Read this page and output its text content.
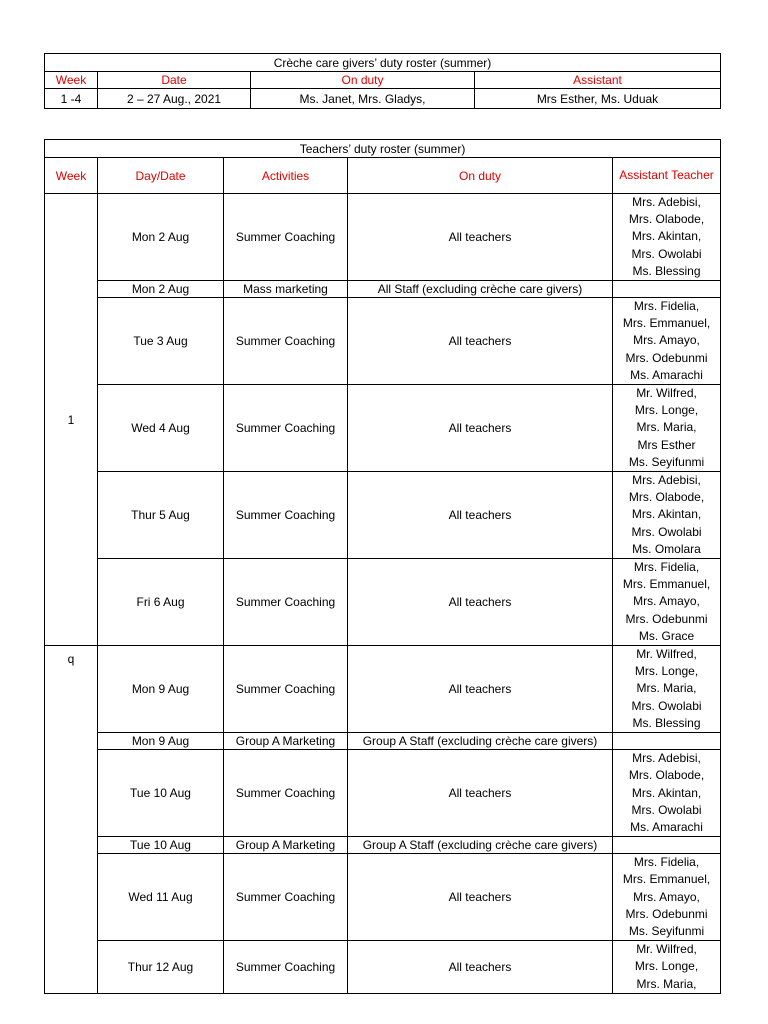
Crèche care givers’ duty roster (summer)			
Week	Date	On duty	Assistant
1 -4	2 – 27 Aug., 2021	Ms. Janet, Mrs. Gladys,	Mrs Esther, Ms. Uduak
Teachers’ duty roster (summer)				
Week	Day/Date	Activities	On duty	Assistant Teacher
1	Mon 2 Aug	Summer Coaching	All teachers	Mrs. Adebisi,
Mrs. Olabode,
Mrs. Akintan,
Mrs. Owolabi
Ms. Blessing

	Mon 2 Aug	Mass marketing	All Staff (excluding crèche care givers)	
	Tue 3 Aug	Summer Coaching	All teachers	Mrs. Fidelia,
Mrs. Emmanuel,
Mrs. Amayo,
Mrs. Odebunmi
Ms. Amarachi

	Wed 4 Aug	Summer Coaching	All teachers	Mr. Wilfred,
Mrs. Longe,
Mrs. Maria,
Mrs Esther
Ms. Seyifunmi

	Thur 5 Aug	Summer Coaching	All teachers	Mrs. Adebisi,
Mrs. Olabode,
Mrs. Akintan,
Mrs. Owolabi
Ms. Omolara

	Fri 6 Aug	Summer Coaching	All teachers	Mrs. Fidelia,
Mrs. Emmanuel,
Mrs. Amayo,
Mrs. Odebunmi
Ms. Grace

q	Mon 9 Aug	Summer Coaching	All teachers	Mr. Wilfred,
Mrs. Longe,
Mrs. Maria,
Mrs. Owolabi
Ms. Blessing

	Mon 9 Aug	Group A Marketing	Group A Staff (excluding crèche care givers)	
	Tue 10 Aug	Summer Coaching	All teachers	Mrs. Adebisi,
Mrs. Olabode,
Mrs. Akintan,
Mrs. Owolabi
Ms. Amarachi

	Tue 10 Aug	Group A Marketing	Group A Staff (excluding crèche care givers)	
	Wed 11 Aug	Summer Coaching	All teachers	Mrs. Fidelia,
Mrs. Emmanuel,
Mrs. Amayo,
Mrs. Odebunmi
Ms. Seyifunmi

	Thur 12 Aug	Summer Coaching	All teachers	Mr. Wilfred,
Mrs. Longe,
Mrs. Maria,
